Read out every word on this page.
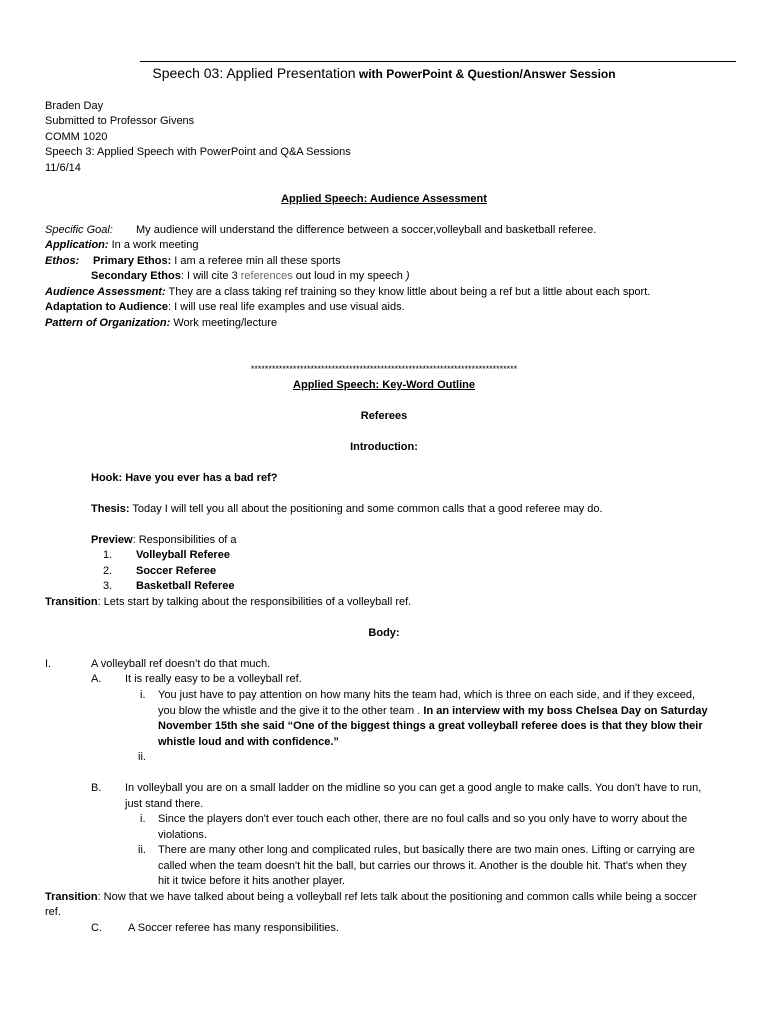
Speech 03: Applied Presentation with PowerPoint & Question/Answer Session
Braden Day
Submitted to Professor Givens
COMM 1020
Speech 3: Applied Speech with PowerPoint and Q&A Sessions
11/6/14
Applied Speech: Audience Assessment
Specific Goal: My audience will understand the difference between a soccer,volleyball and basketball referee.
Application: In a work meeting
Ethos: Primary Ethos: I am a referee min all these sports
Secondary Ethos: I will cite 3 references out loud in my speech )
Audience Assessment: They are a class taking ref training so they know little about being a ref but a little about each sport.
Adaptation to Audience: I will use real life examples and use visual aids.
Pattern of Organization: Work meeting/lecture
****************************************************************************
Applied Speech: Key-Word Outline
Referees
Introduction:
Hook: Have you ever has a bad ref?
Thesis: Today I will tell you all about the positioning and some common calls that a good referee may do.
Preview: Responsibilities of a
1. Volleyball Referee
2. Soccer Referee
3. Basketball Referee
Transition: Lets start by talking about the responsibilities of a volleyball ref.
Body:
I.	A volleyball ref doesn’t do that much.
A. It is really easy to be a volleyball ref.
i. You just have to pay attention on how many hits the team had, which is three on each side, and if they exceed,
you blow the whistle and the give it to the other team . In an interview with my boss Chelsea Day on Saturday
November 15th she said “One of the biggest things a great volleyball referee does is that they blow their
whistle loud and with confidence.”
ii.
B. In volleyball you are on a small ladder on the midline so you can get a good angle to make calls. You don't have to run,
just stand there.
i. Since the players don't ever touch each other, there are no foul calls and so you only have to worry about the
violations.
ii. There are many other long and complicated rules, but basically there are two main ones. Lifting or carrying are
called when the team doesn't hit the ball, but carries our throws it. Another is the double hit. That's when they
hit it twice before it hits another player.
Transition: Now that we have talked about being a volleyball ref lets talk about the positioning and common calls while being a soccer
ref.
C. A Soccer referee has many responsibilities.
